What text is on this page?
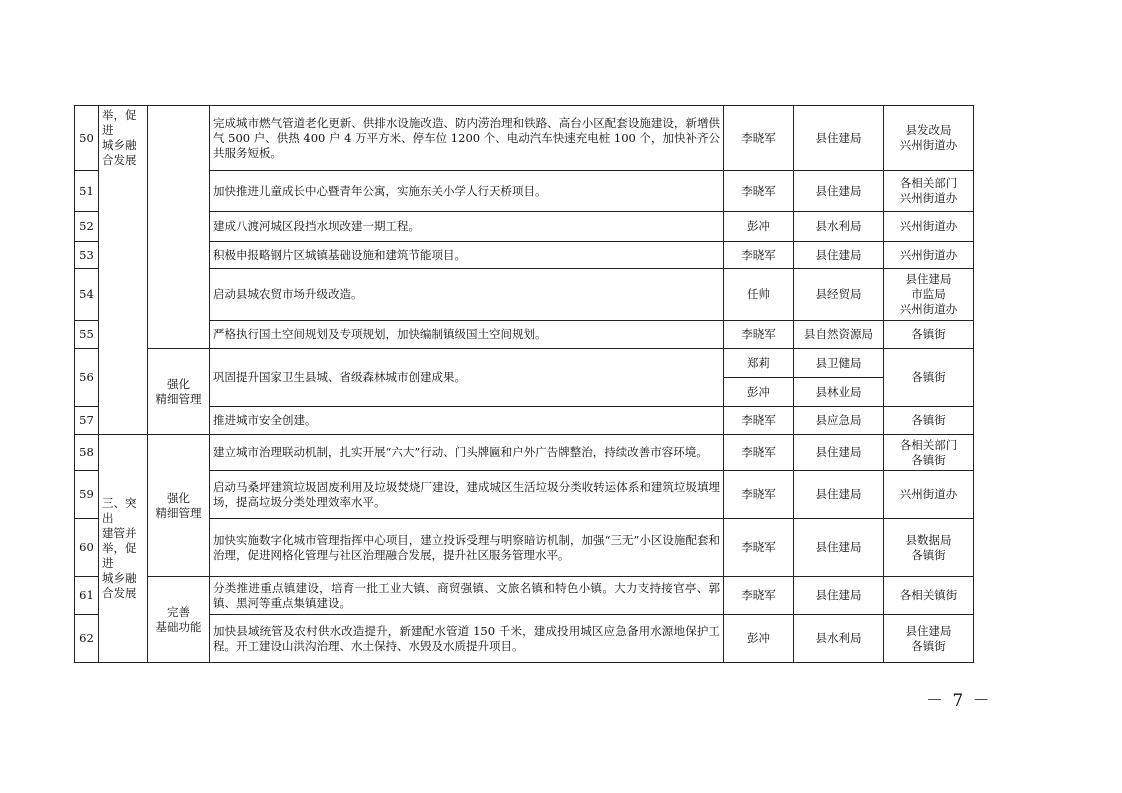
50	举，促进
城乡融
合发展		完成城市燃气管道老化更新、供排水设施改造、防内涝治理和铁路、高台小区配套设施建设，新增供气 500 户、供热 400 户 4 万平方米、停车位 1200 个、电动汽车快速充电桩 100 个，加快补齐公共服务短板。	李晓军	县住建局	县发改局
兴州街道办

51			加快推进儿童成长中心暨青年公寓，实施东关小学人行天桥项目。	李晓军	县住建局	各相关部门
兴州街道办

52			建成八渡河城区段挡水坝改建一期工程。	彭冲	县水利局	兴州街道办

53			积极申报略钢片区城镇基础设施和建筑节能项目。	李晓军	县住建局	兴州街道办

54			启动县城农贸市场升级改造。	任帅	县经贸局	县住建局
市监局
兴州街道办

55			严格执行国土空间规划及专项规划，加快编制镇级国土空间规划。	李晓军	县自然资源局	各镇街

56		强化
精细管理	巩固提升国家卫生县城、省级森林城市创建成果。	郑莉	县卫健局	各镇街

				彭冲	县林业局	
57			推进城市安全创建。	李晓军	县应急局	各镇街

58	三、突出
建管并
举，促进
城乡融
合发展	强化
精细管理	建立城市治理联动机制，扎实开展“六大”行动、门头牌匾和户外广告牌整治，持续改善市容环境。	李晓军	县住建局	各相关部门
各镇街

59			启动马桑坪建筑垃圾固废利用及垃圾焚烧厂建设，建成城区生活垃圾分类收转运体系和建筑垃圾填埋场，提高垃圾分类处理效率水平。	李晓军	县住建局	兴州街道办

60			加快实施数字化城市管理指挥中心项目，建立投诉受理与明察暗访机制，加强“三无”小区设施配套和治理，促进网格化管理与社区治理融合发展，提升社区服务管理水平。	李晓军	县住建局	县数据局
各镇街

61		完善
基础功能	分类推进重点镇建设，培育一批工业大镇、商贸强镇、文旅名镇和特色小镇。大力支持接官亭、郭镇、黑河等重点集镇建设。	李晓军	县住建局	各相关镇街

62			加快县域统管及农村供水改造提升，新建配水管道 150 千米，建成投用城区应急备用水源地保护工程。开工建设山洪沟治理、水土保持、水毁及水质提升项目。	彭冲	县水利局	县住建局
各镇街
－ 7 －
